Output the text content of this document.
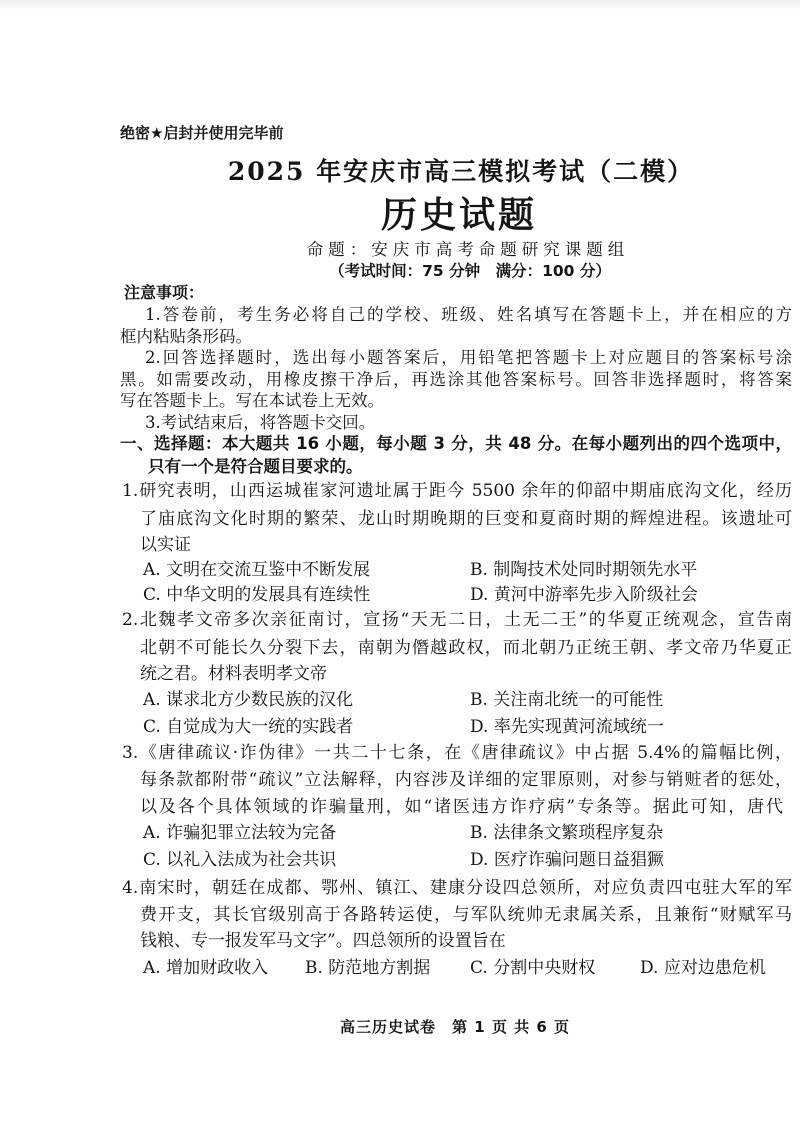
绝密★启封并使用完毕前
2025 年安庆市高三模拟考试（二模）
历史试题
命题：安庆市高考命题研究课题组
（考试时间：75 分钟　满分：100 分）
注意事项：
1.答卷前，考生务必将自己的学校、班级、姓名填写在答题卡上，并在相应的方
框内粘贴条形码。
2.回答选择题时，选出每小题答案后，用铅笔把答题卡上对应题目的答案标号涂
黑。如需要改动，用橡皮擦干净后，再选涂其他答案标号。回答非选择题时，将答案
写在答题卡上。写在本试卷上无效。
3.考试结束后，将答题卡交回。
一、选择题：本大题共 16 小题，每小题 3 分，共 48 分。在每小题列出的四个选项中，
只有一个是符合题目要求的。
1.研究表明，山西运城崔家河遗址属于距今 5500 余年的仰韶中期庙底沟文化，经历
了庙底沟文化时期的繁荣、龙山时期晚期的巨变和夏商时期的辉煌进程。该遗址可
以实证
A. 文明在交流互鉴中不断发展	B. 制陶技术处同时期领先水平
C. 中华文明的发展具有连续性	D. 黄河中游率先步入阶级社会
2.北魏孝文帝多次亲征南讨，宣扬“天无二日，土无二王”的华夏正统观念，宣告南
北朝不可能长久分裂下去，南朝为僭越政权，而北朝乃正统王朝、孝文帝乃华夏正
统之君。材料表明孝文帝
A. 谋求北方少数民族的汉化	B. 关注南北统一的可能性
C. 自觉成为大一统的实践者	D. 率先实现黄河流域统一
3.《唐律疏议·诈伪律》一共二十七条，在《唐律疏议》中占据 5.4%的篇幅比例，
每条款都附带“疏议”立法解释，内容涉及详细的定罪原则，对参与销赃者的惩处，
以及各个具体领域的诈骗量刑，如“诸医违方诈疗病”专条等。据此可知，唐代
A. 诈骗犯罪立法较为完备	B. 法律条文繁琐程序复杂
C. 以礼入法成为社会共识	D. 医疗诈骗问题日益猖獗
4.南宋时，朝廷在成都、鄂州、镇江、建康分设四总领所，对应负责四屯驻大军的军
费开支，其长官级别高于各路转运使，与军队统帅无隶属关系，且兼衔“财赋军马
钱粮、专一报发军马文字”。四总领所的设置旨在
A. 增加财政收入 B. 防范地方割据 C. 分割中央财权	D. 应对边患危机
高三历史试卷　第 1 页 共 6 页
